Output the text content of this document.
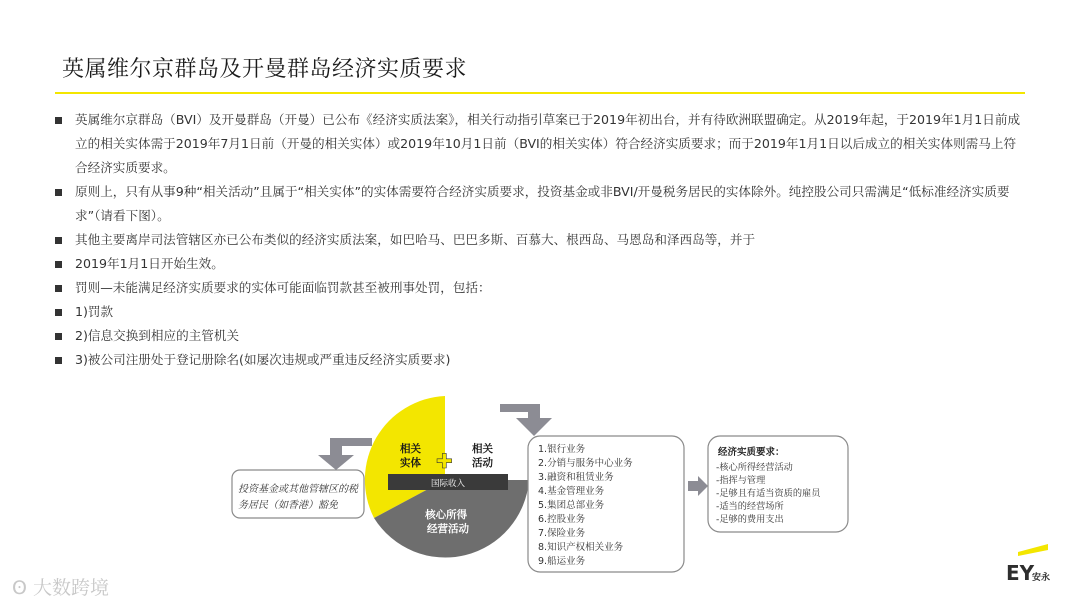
英属维尔京群岛及开曼群岛经济实质要求
英属维尔京群岛（BVI）及开曼群岛（开曼）已公布《经济实质法案》，相关行动指引草案已于2019年初出台，并有待欧洲联盟确定。从2019年起，于2019年1月1日前成立的相关实体需于2019年7月1日前（开曼的相关实体）或2019年10月1日前（BVI的相关实体）符合经济实质要求；而于2019年1月1日以后成立的相关实体则需马上符合经济实质要求。
原则上，只有从事9种“相关活动”且属于“相关实体”的实体需要符合经济实质要求，投资基金或非BVI/开曼税务居民的实体除外。纯控股公司只需满足“低标准经济实质要求”（请看下图）。
其他主要离岸司法管辖区亦已公布类似的经济实质法案，如巴哈马、巴巴多斯、百慕大、根西岛、马恩岛和泽西岛等，并于
2019年1月1日开始生效。
罚则—未能满足经济实质要求的实体可能面临罚款甚至被刑事处罚，包括：
1)罚款
2)信息交换到相应的主管机关
3)被公司注册处于登记册除名(如屡次违规或严重违反经济实质要求)
投资基金或其他管辖区的税 务居民（如香港）豁免
相关 实体
相关 活动
✚
国际收入
核心所得 经营活动
1.银行业务 2.分销与服务中心业务 3.融资和租赁业务 4.基金管理业务 5.集团总部业务 6.控股业务 7.保险业务 8.知识产权相关业务 9.船运业务
经济实质要求：
-核心所得经营活动 -指挥与管理 -足够且有适当资质的雇员 -适当的经营场所 -足够的费用支出
EY
安永
ʘ 大数跨境
